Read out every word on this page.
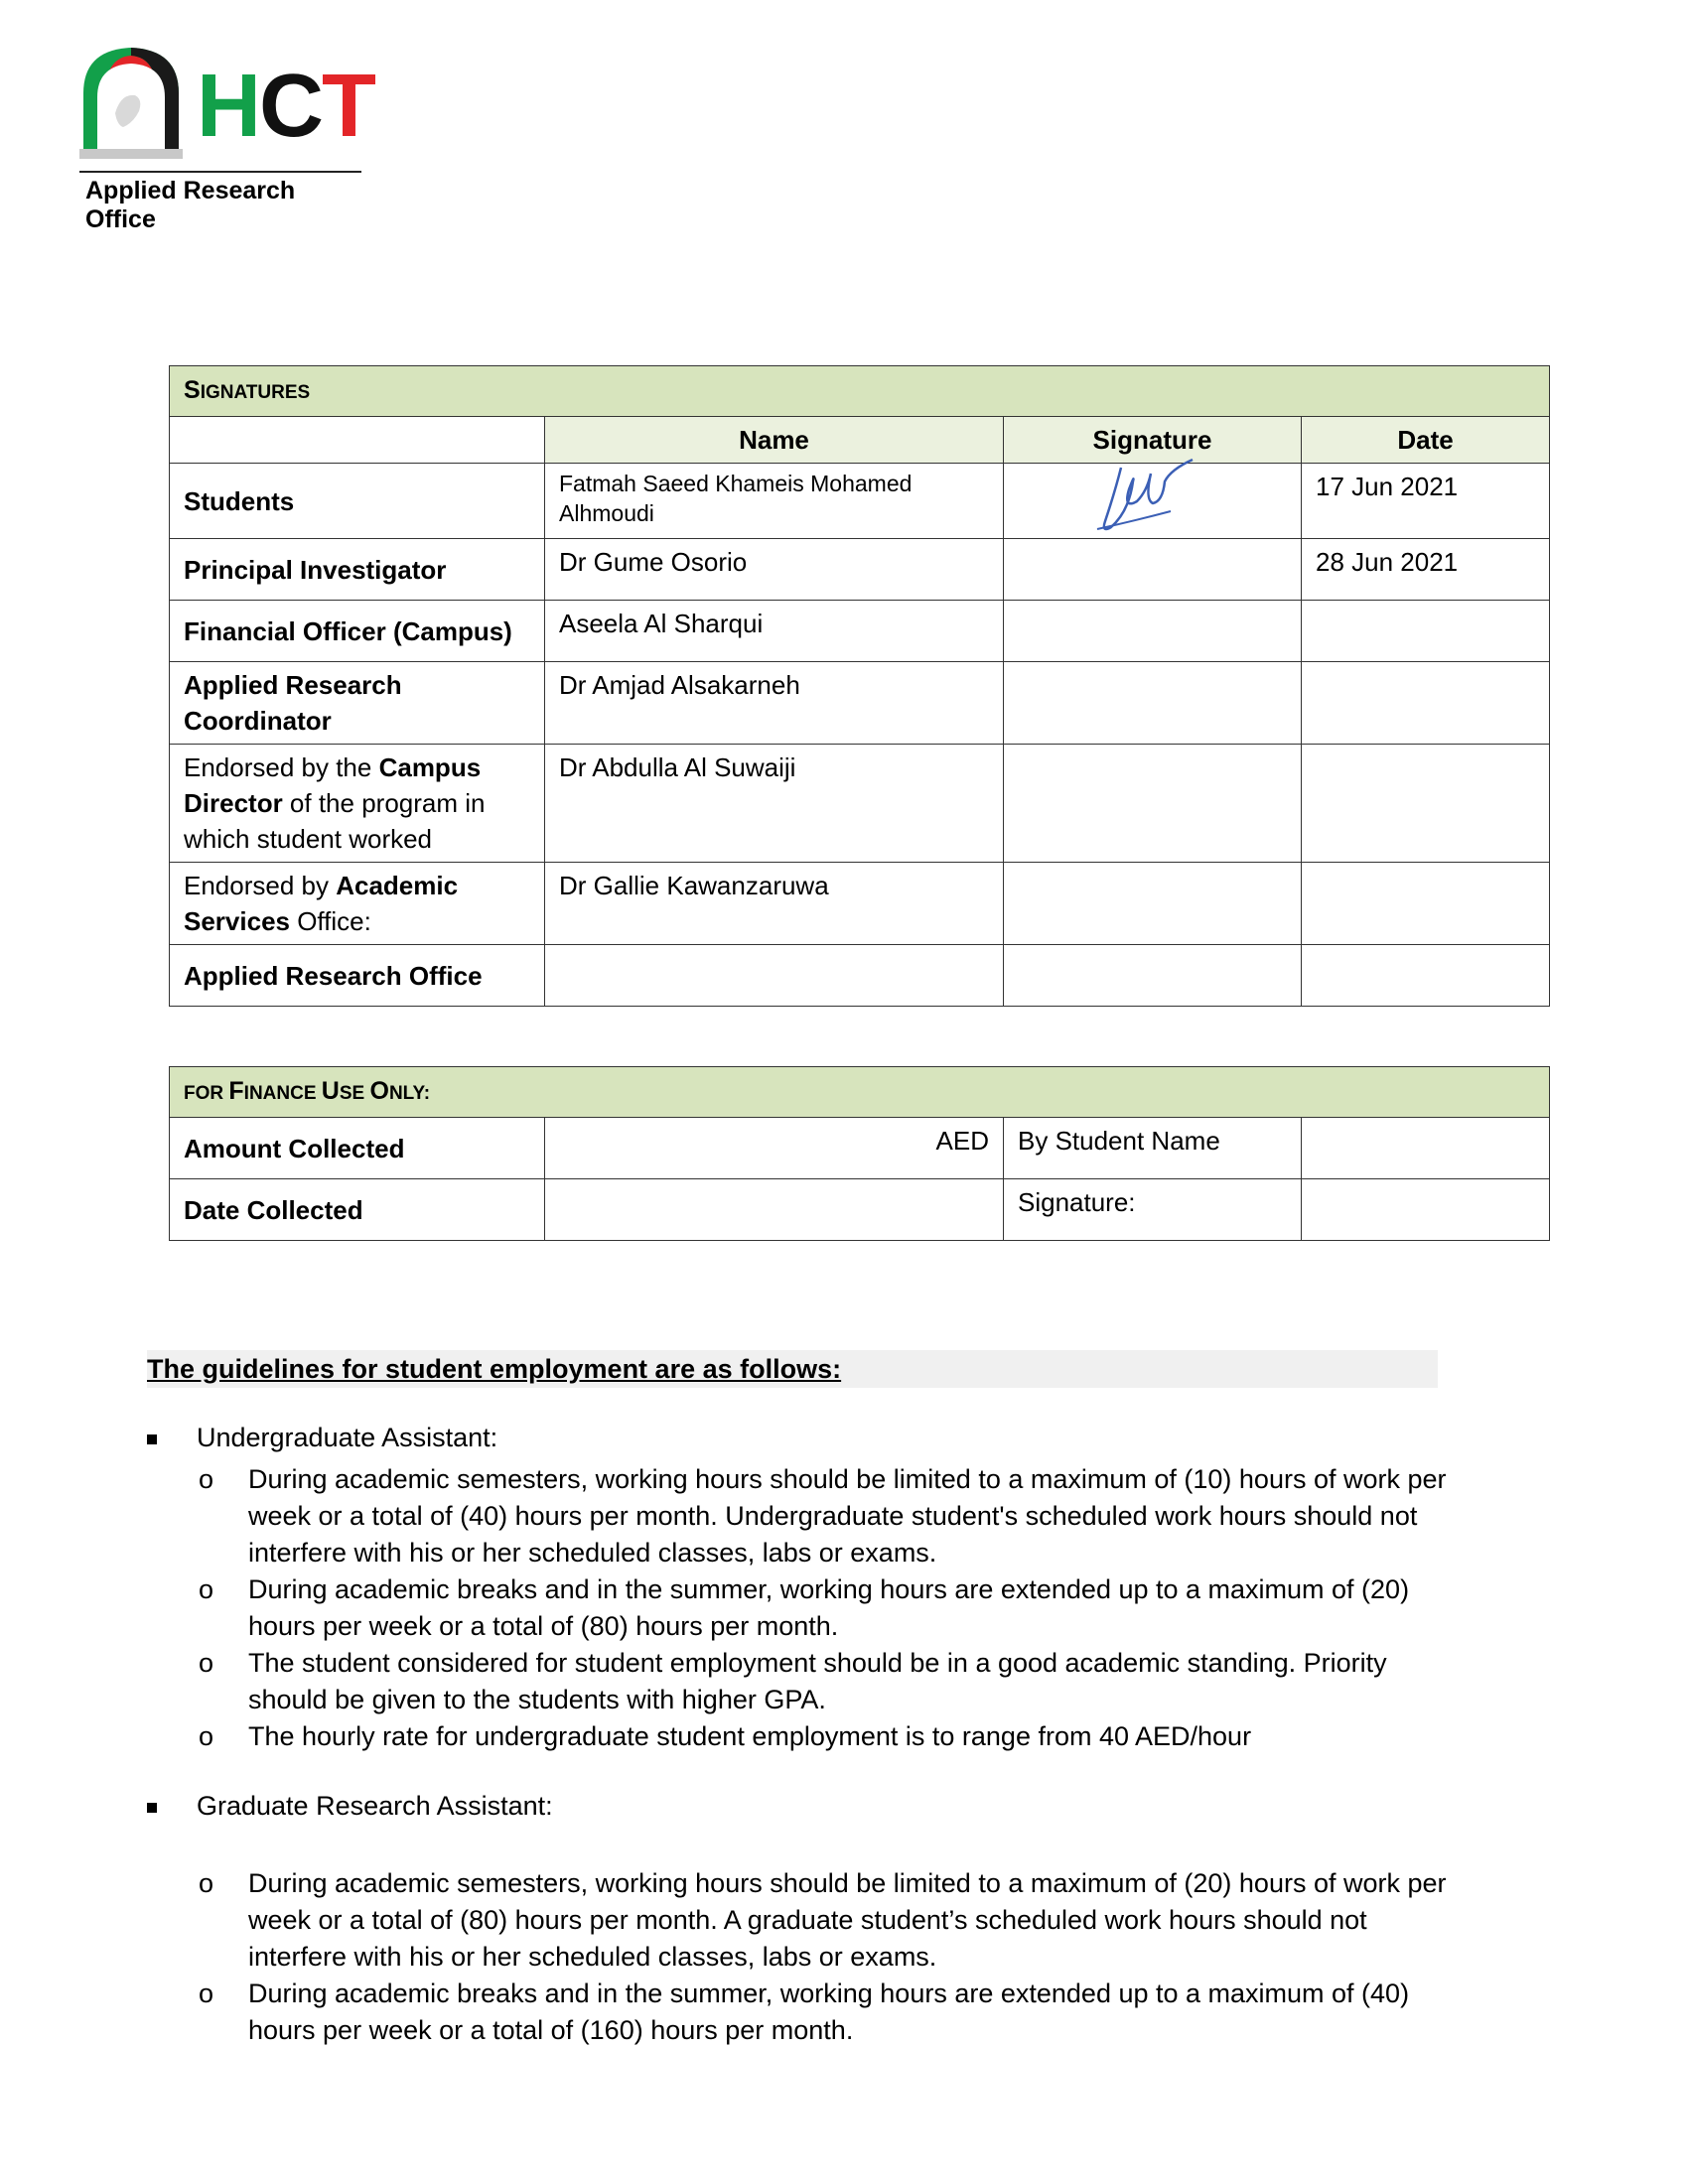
HCT
Applied Research Office
SIGNATURES			
	Name	Signature	Date
Students	Fatmah Saeed Khameis Mohamed Alhmoudi		17 Jun 2021
Principal Investigator	Dr Gume Osorio		28 Jun 2021
Financial Officer (Campus)	Aseela Al Sharqui		
Applied Research Coordinator	Dr Amjad Alsakarneh		
Endorsed by the Campus Director of the program in which student worked	Dr Abdulla Al Suwaiji		
Endorsed by Academic Services Office:	Dr Gallie Kawanzaruwa		
Applied Research Office			
FOR FINANCE USE ONLY:			
Amount Collected	AED	By Student Name	
Date Collected		Signature:	
The guidelines for student employment are as follows:
Undergraduate Assistant:
o During academic semesters, working hours should be limited to a maximum of (10) hours of work per week or a total of (40) hours per month. Undergraduate student's scheduled work hours should not interfere with his or her scheduled classes, labs or exams.
o During academic breaks and in the summer, working hours are extended up to a maximum of (20) hours per week or a total of (80) hours per month.
o The student considered for student employment should be in a good academic standing. Priority should be given to the students with higher GPA.
o The hourly rate for undergraduate student employment is to range from 40 AED/hour
Graduate Research Assistant:
o During academic semesters, working hours should be limited to a maximum of (20) hours of work per week or a total of (80) hours per month. A graduate student’s scheduled work hours should not interfere with his or her scheduled classes, labs or exams.
o During academic breaks and in the summer, working hours are extended up to a maximum of (40) hours per week or a total of (160) hours per month.
